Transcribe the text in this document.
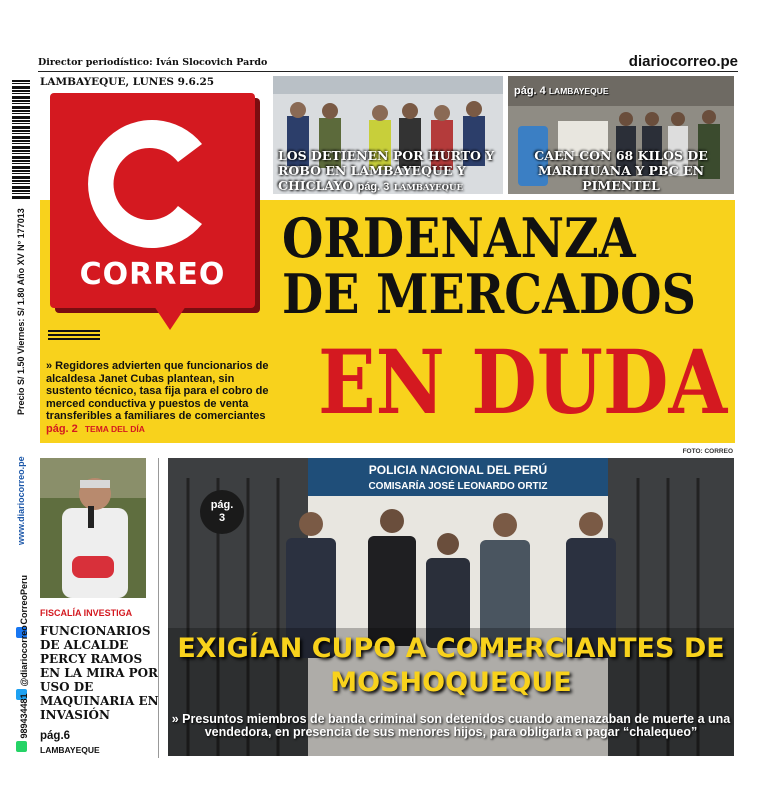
Director periodístico: Iván Slocovich Pardo	diariocorreo.pe
LAMBAYEQUE, LUNES 9.6.25
Precio S/ 1.50 Viernes: S/ 1.80 Año XV N° 177013
www.diariocorreo.pe
CorreoPeru
@diariocorreo
989434481
CORREO
LOS DETIENEN POR HURTO Y ROBO EN LAMBAYEQUE Y CHICLAYO pág. 3 LAMBAYEQUE
pág. 4 LAMBAYEQUE
CAEN CON 68 KILOS DE MARIHUANA Y PBC EN PIMENTEL
ORDENANZA
DE MERCADOS
EN DUDA
» Regidores advierten que funcionarios de alcaldesa Janet Cubas plantean, sin sustento técnico, tasa fija para el cobro de merced conductiva y puestos de venta transferibles a familiares de comerciantes pág. 2 TEMA DEL DÍA
FOTO: CORREO
POLICIA NACIONAL DEL PERÚ
COMISARÍA JOSÉ LEONARDO ORTIZ
pág.
3
EXIGÍAN CUPO A COMERCIANTES DE MOSHOQUEQUE
» Presuntos miembros de banda criminal son detenidos cuando amenazaban de muerte a una vendedora, en presencia de sus menores hijos, para obligarla a pagar “chalequeo”
FISCALÍA INVESTIGA
FUNCIONARIOS DE ALCALDE PERCY RAMOS EN LA MIRA POR USO DE MAQUINARIA EN INVASIÓN
pág.6
LAMBAYEQUE
